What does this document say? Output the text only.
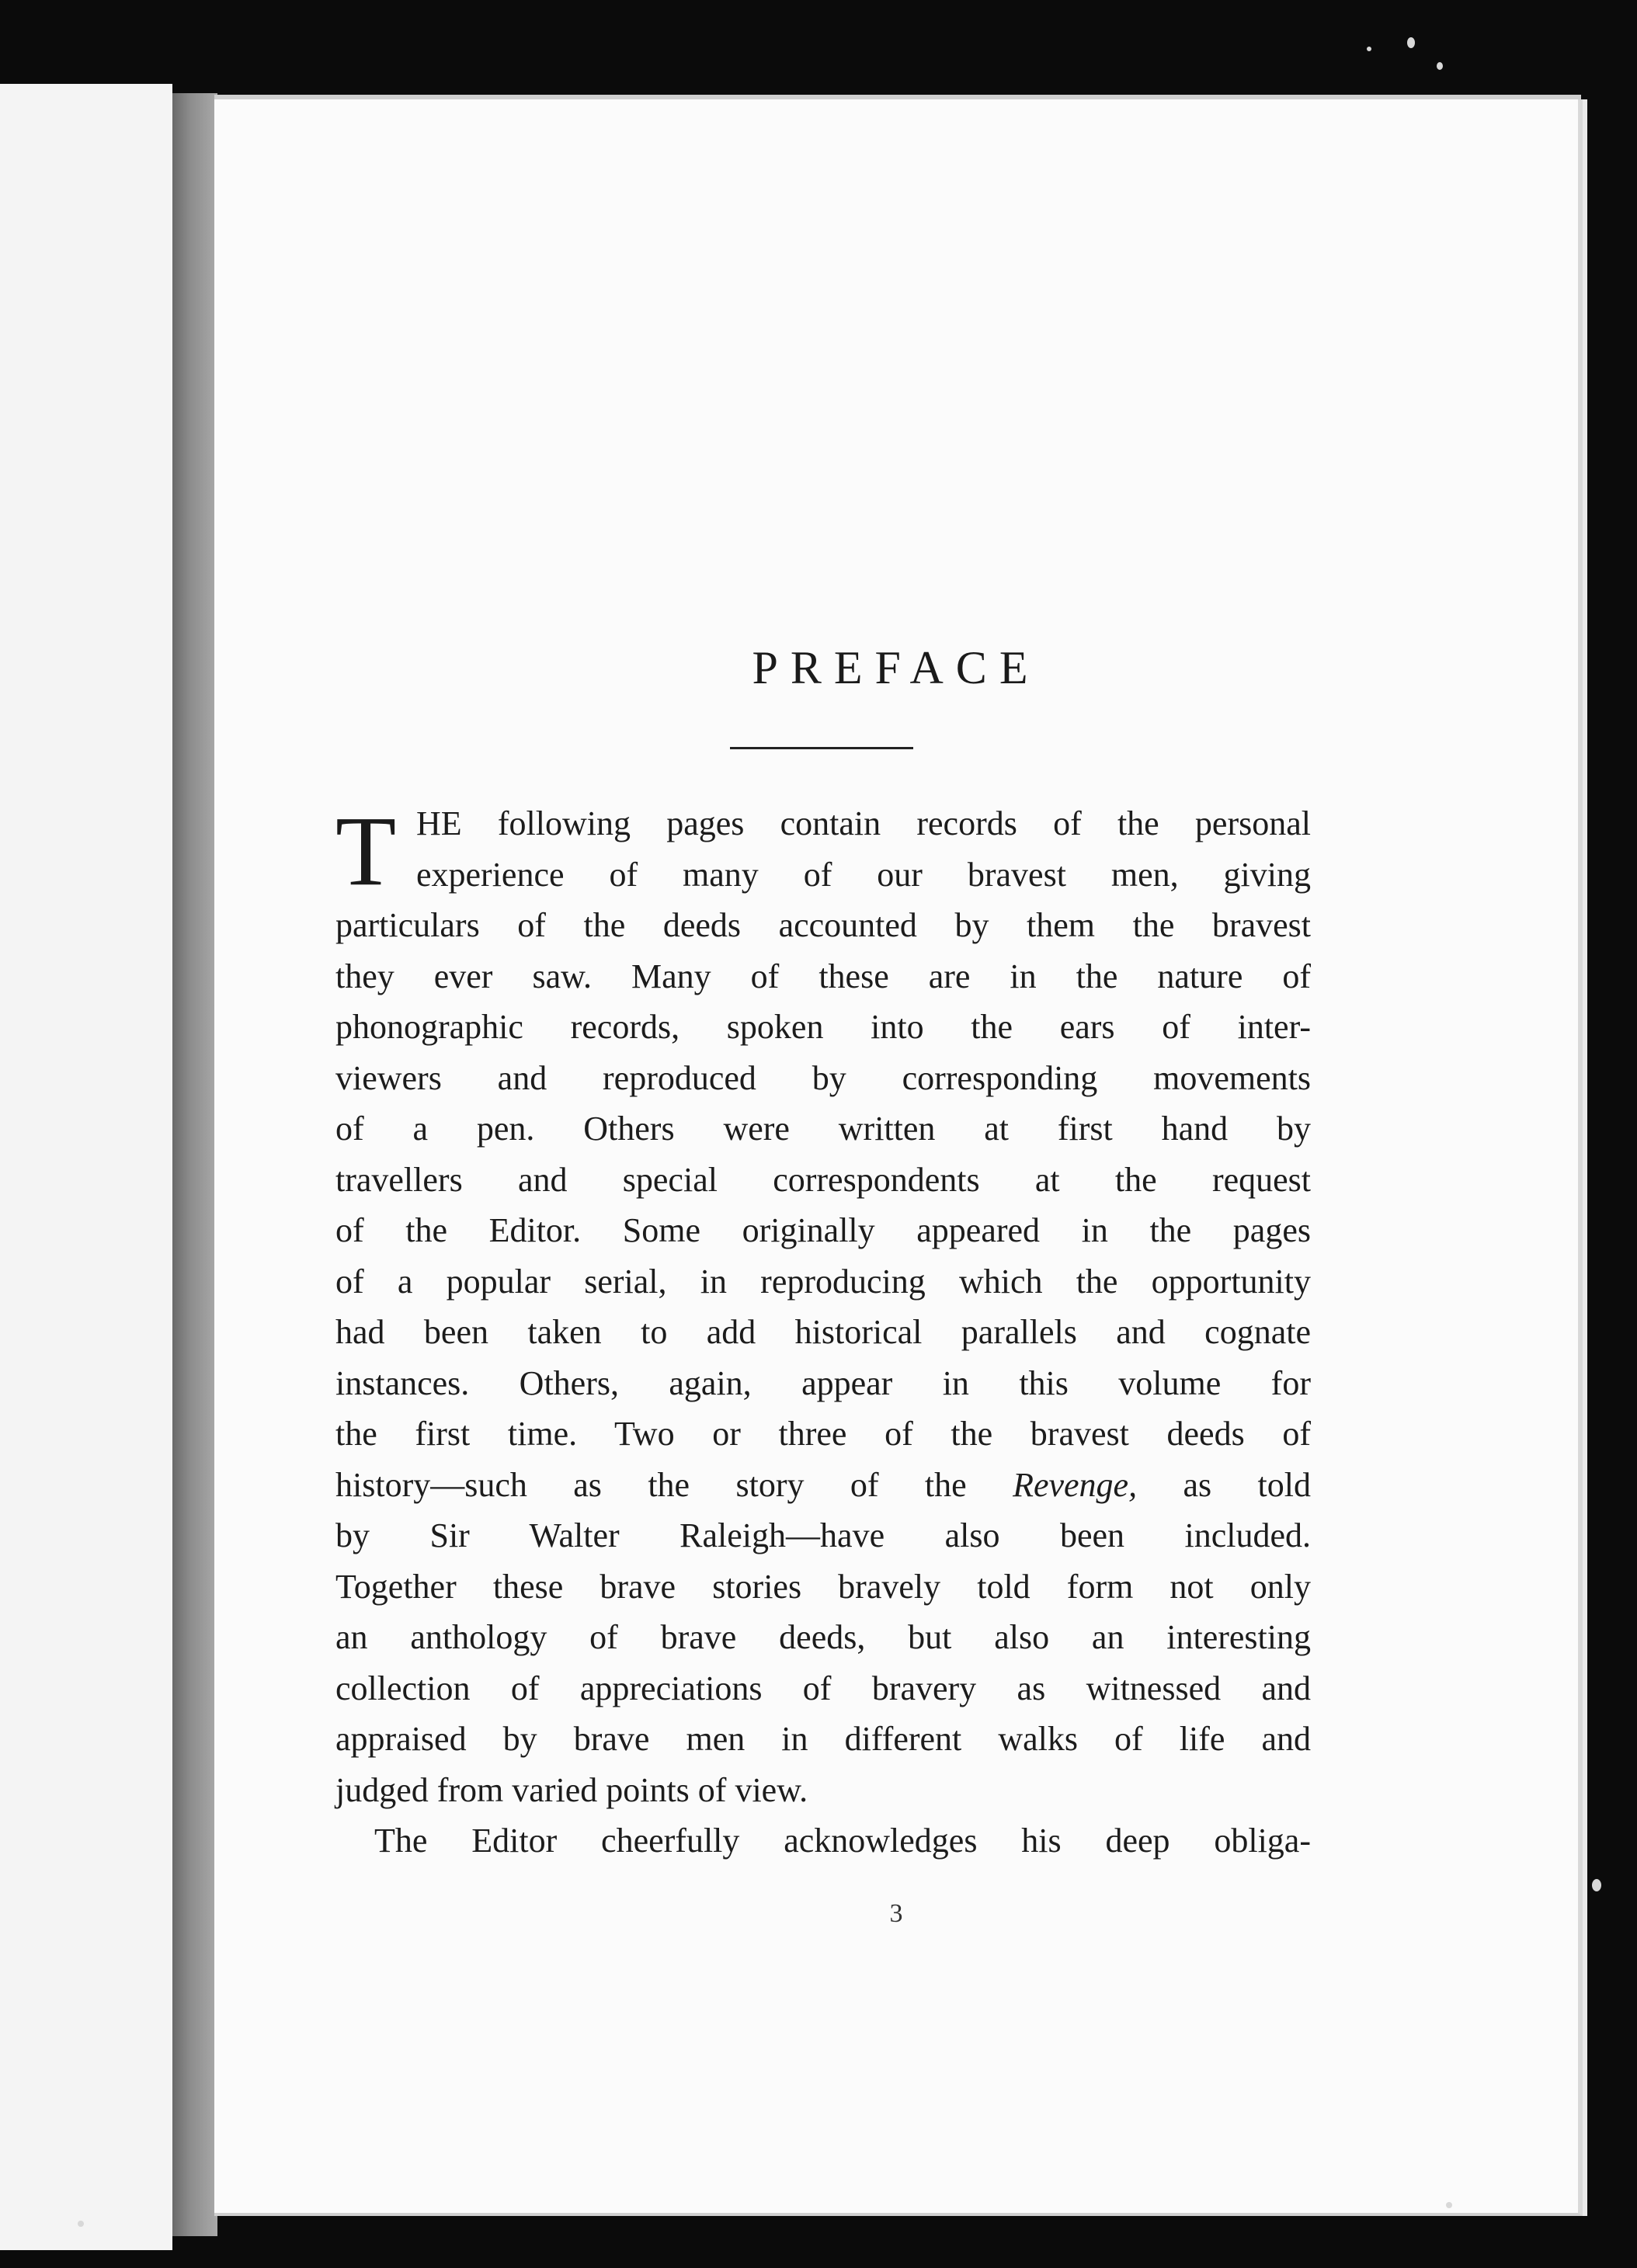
PREFACE
T HE following pages contain records of the personal
experience of many of our bravest men, giving
particulars of the deeds accounted by them the bravest
they ever saw. Many of these are in the nature of
phonographic records, spoken into the ears of inter-
viewers and reproduced by corresponding movements
of a pen. Others were written at first hand by
travellers and special correspondents at the request
of the Editor. Some originally appeared in the pages
of a popular serial, in reproducing which the opportunity
had been taken to add historical parallels and cognate
instances. Others, again, appear in this volume for
the first time. Two or three of the bravest deeds of
history—such as the story of the Revenge, as told
by Sir Walter Raleigh—have also been included.
Together these brave stories bravely told form not only
an anthology of brave deeds, but also an interesting
collection of appreciations of bravery as witnessed and
appraised by brave men in different walks of life and
judged from varied points of view.
The Editor cheerfully acknowledges his deep obliga-
3
